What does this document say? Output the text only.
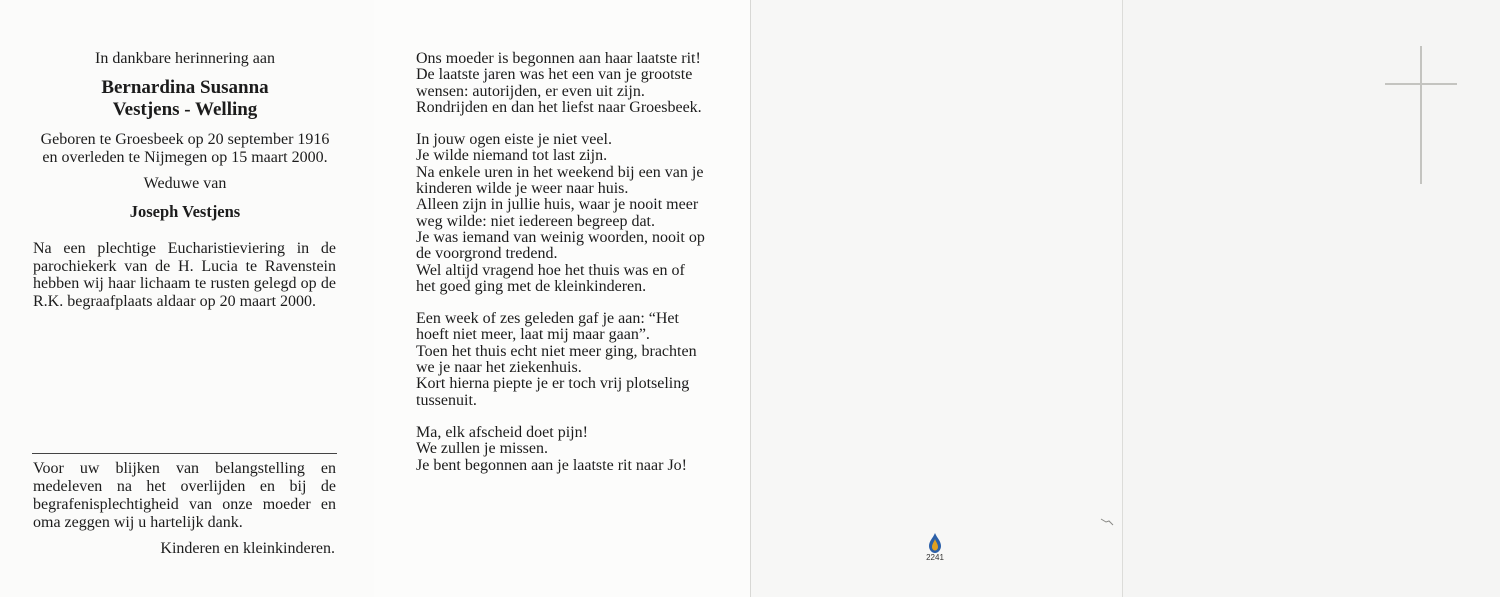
In dankbare herinnering aan
Bernardina Susanna
Vestjens - Welling
Geboren te Groesbeek op 20 september 1916
en overleden te Nijmegen op 15 maart 2000.
Weduwe van
Joseph Vestjens
Na een plechtige Eucharistieviering in de parochiekerk van de H. Lucia te Ravenstein hebben wij haar lichaam te rusten gelegd op de R.K. begraafplaats aldaar op 20 maart 2000.
Voor uw blijken van belangstelling en medeleven na het overlijden en bij de begrafenisplechtigheid van onze moeder en oma zeggen wij u hartelijk dank.
Kinderen en kleinkinderen.
Ons moeder is begonnen aan haar laatste rit!
De laatste jaren was het een van je grootste
wensen: autorijden, er even uit zijn.
Rondrijden en dan het liefst naar Groesbeek.
In jouw ogen eiste je niet veel.
Je wilde niemand tot last zijn.
Na enkele uren in het weekend bij een van je
kinderen wilde je weer naar huis.
Alleen zijn in jullie huis, waar je nooit meer
weg wilde: niet iedereen begreep dat.
Je was iemand van weinig woorden, nooit op
de voorgrond tredend.
Wel altijd vragend hoe het thuis was en of
het goed ging met de kleinkinderen.
Een week of zes geleden gaf je aan: “Het
hoeft niet meer, laat mij maar gaan”.
Toen het thuis echt niet meer ging, brachten
we je naar het ziekenhuis.
Kort hierna piepte je er toch vrij plotseling
tussenuit.
Ma, elk afscheid doet pijn!
We zullen je missen.
Je bent begonnen aan je laatste rit naar Jo!
2241
